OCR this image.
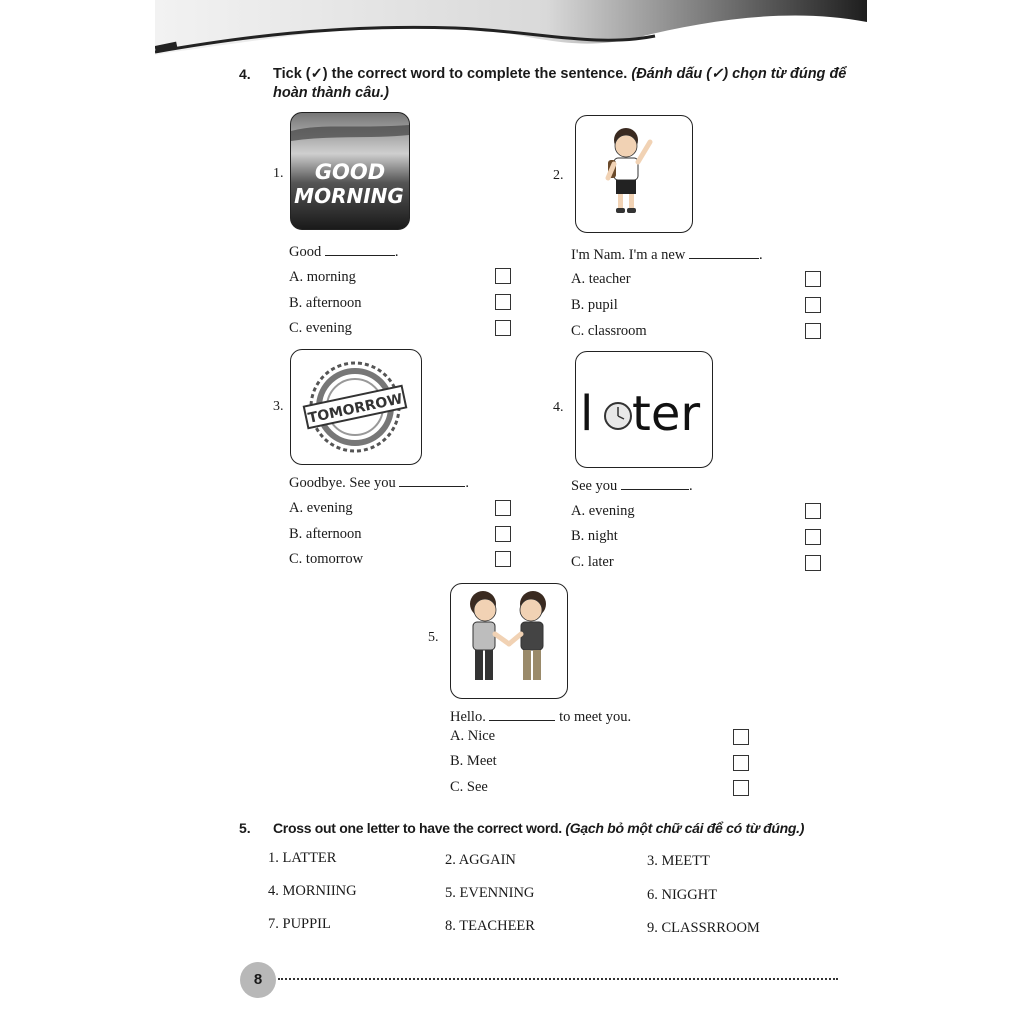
4. Tick (✓) the correct word to complete the sentence. (Đánh dấu (✓) chọn từ đúng để hoàn thành câu.)
1. GOOD
MORNING
Good	.
A. morning
B. afternoon
C. evening
2.
I'm Nam. I'm a new	.
A. teacher
B. pupil
C. classroom
3. TOMORROW
Goodbye. See you	.
A. evening
B. afternoon
C. tomorrow
4. l ter
See you	.
A. evening
B. night
C. later
5.
Hello.	to meet you.
A. Nice
B. Meet
C. See
5. Cross out one letter to have the correct word. (Gạch bỏ một chữ cái để có từ đúng.)
1. LATTER	2. AGGAIN	3. MEETT
4. MORNIING	5. EVENNING	6. NIGGHT
7. PUPPIL	8. TEACHEER	9. CLASSRROOM
8
